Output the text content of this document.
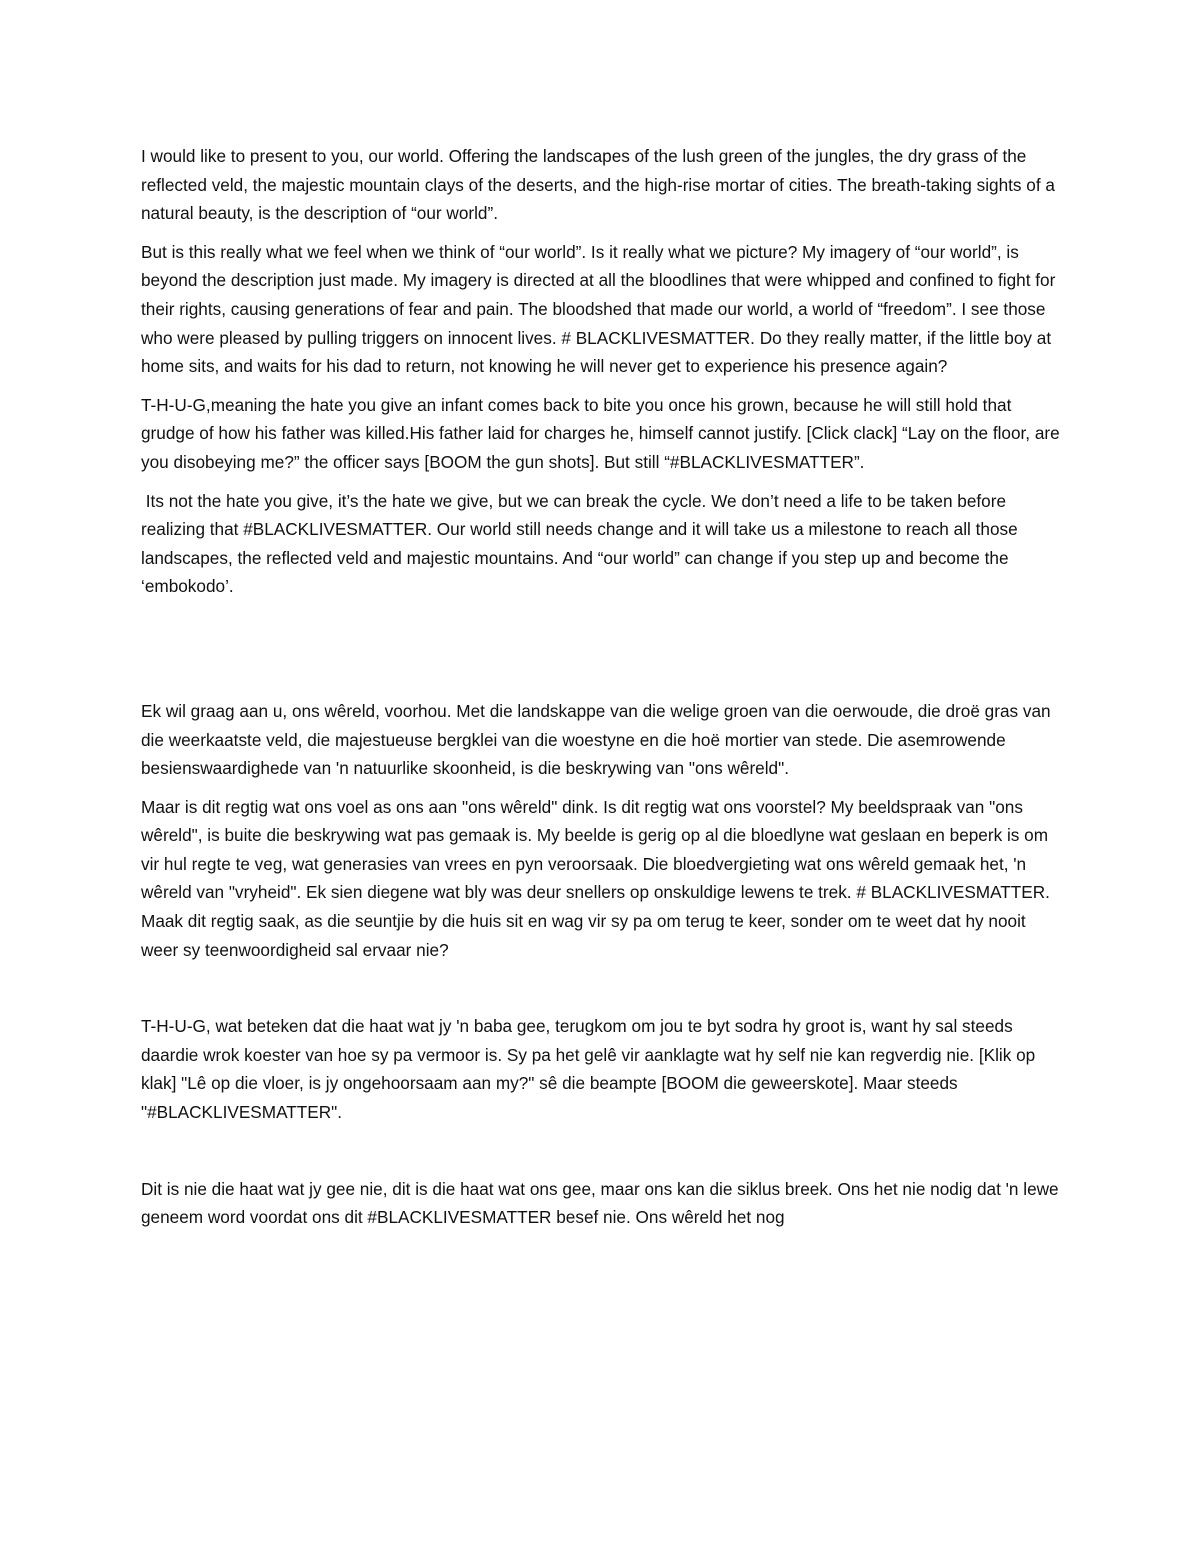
I would like to present to you, our world. Offering the landscapes of the lush green of the jungles, the dry grass of the reflected veld, the majestic mountain clays of the deserts, and the high-rise mortar of cities. The breath-taking sights of a natural beauty, is the description of “our world”.

But is this really what we feel when we think of “our world”. Is it really what we picture? My imagery of “our world”, is beyond the description just made. My imagery is directed at all the bloodlines that were whipped and confined to fight for their rights, causing generations of fear and pain. The bloodshed that made our world, a world of “freedom”. I see those who were pleased by pulling triggers on innocent lives. # BLACKLIVESMATTER. Do they really matter, if the little boy at home sits, and waits for his dad to return, not knowing he will never get to experience his presence again?

T-H-U-G,meaning the hate you give an infant comes back to bite you once his grown, because he will still hold that grudge of how his father was killed.His father laid for charges he, himself cannot justify. [Click clack] “Lay on the floor, are you disobeying me?” the officer says [BOOM the gun shots]. But still “#BLACKLIVESMATTER”.

Its not the hate you give, it’s the hate we give, but we can break the cycle. We don’t need a life to be taken before realizing that #BLACKLIVESMATTER. Our world still needs change and it will take us a milestone to reach all those landscapes, the reflected veld and majestic mountains. And “our world” can change if you step up and become the ‘embokodo’.

Ek wil graag aan u, ons wêreld, voorhou. Met die landskappe van die welige groen van die oerwoude, die droë gras van die weerkaatste veld, die majestueuse bergklei van die woestyne en die hoë mortier van stede. Die asemrowende besienswaardighede van 'n natuurlike skoonheid, is die beskrywing van "ons wêreld".

Maar is dit regtig wat ons voel as ons aan "ons wêreld" dink. Is dit regtig wat ons voorstel? My beeldspraak van "ons wêreld", is buite die beskrywing wat pas gemaak is. My beelde is gerig op al die bloedlyne wat geslaan en beperk is om vir hul regte te veg, wat generasies van vrees en pyn veroorsaak. Die bloedvergieting wat ons wêreld gemaak het, 'n wêreld van "vryheid". Ek sien diegene wat bly was deur snellers op onskuldige lewens te trek. # BLACKLIVESMATTER. Maak dit regtig saak, as die seuntjie by die huis sit en wag vir sy pa om terug te keer, sonder om te weet dat hy nooit weer sy teenwoordigheid sal ervaar nie?

T-H-U-G, wat beteken dat die haat wat jy 'n baba gee, terugkom om jou te byt sodra hy groot is, want hy sal steeds daardie wrok koester van hoe sy pa vermoor is. Sy pa het gelê vir aanklagte wat hy self nie kan regverdig nie. [Klik op klak] "Lê op die vloer, is jy ongehoorsaam aan my?" sê die beampte [BOOM die geweerskote]. Maar steeds "#BLACKLIVESMATTER".

Dit is nie die haat wat jy gee nie, dit is die haat wat ons gee, maar ons kan die siklus breek. Ons het nie nodig dat 'n lewe geneem word voordat ons dit #BLACKLIVESMATTER besef nie. Ons wêreld het nog
